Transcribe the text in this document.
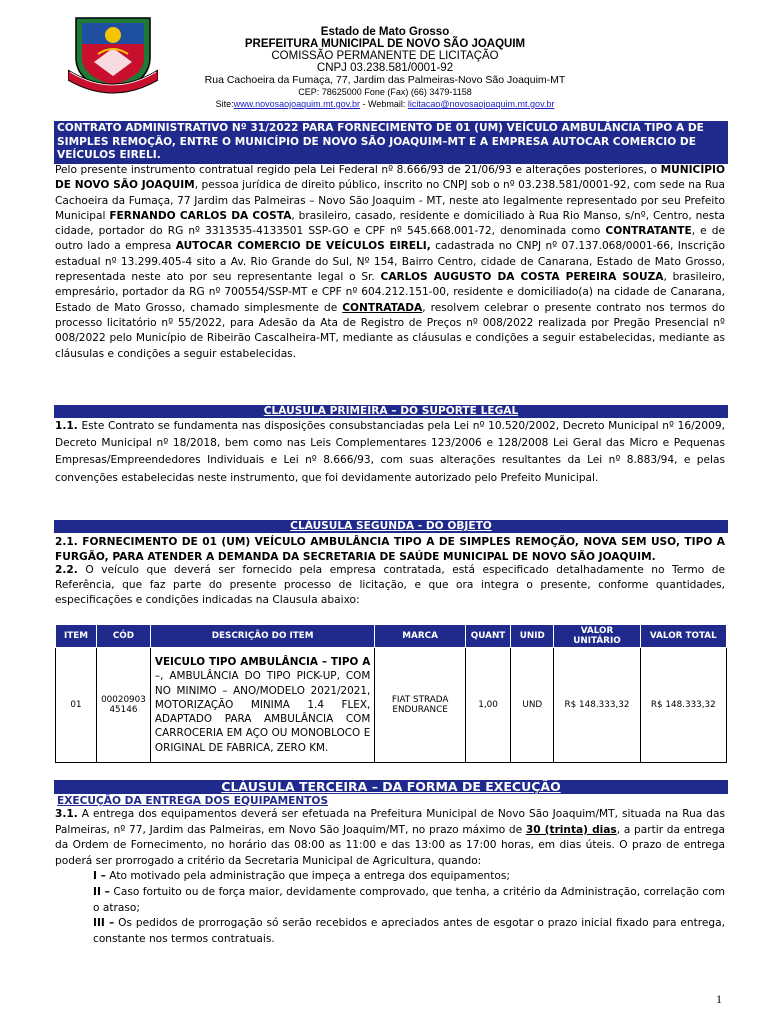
Estado de Mato Grosso
PREFEITURA MUNICIPAL DE NOVO SÃO JOAQUIM
COMISSÃO PERMANENTE DE LICITAÇÃO
CNPJ 03.238.581/0001-92
Rua Cachoeira da Fumaça, 77, Jardim das Palmeiras-Novo São Joaquim-MT
CEP: 78625000 Fone (Fax) (66) 3479-1158
Site:www.novosaojoaquim.mt.gov.br - Webmail: licitacao@novosaojoaquim.mt.gov.br
CONTRATO ADMINISTRATIVO Nº 31/2022 PARA FORNECIMENTO DE 01 (UM) VEÍCULO AMBULÂNCIA TIPO A DE SIMPLES REMOÇÃO, ENTRE O MUNICÍPIO DE NOVO SÃO JOAQUIM–MT E A EMPRESA AUTOCAR COMERCIO DE VEÍCULOS EIRELI.
Pelo presente instrumento contratual regido pela Lei Federal nº 8.666/93 de 21/06/93 e alterações posteriores, o MUNICÍPIO DE NOVO SÃO JOAQUIM, pessoa jurídica de direito público, inscrito no CNPJ sob o nº 03.238.581/0001-92, com sede na Rua Cachoeira da Fumaça, 77 Jardim das Palmeiras – Novo São Joaquim - MT, neste ato legalmente representado por seu Prefeito Municipal FERNANDO CARLOS DA COSTA, brasileiro, casado, residente e domiciliado à Rua Rio Manso, s/nº, Centro, nesta cidade, portador do RG nº 3313535-4133501 SSP-GO e CPF nº 545.668.001-72, denominada como CONTRATANTE, e de outro lado a empresa AUTOCAR COMERCIO DE VEÍCULOS EIRELI, cadastrada no CNPJ nº 07.137.068/0001-66, Inscrição estadual nº 13.299.405-4 sito a Av. Rio Grande do Sul, Nº 154, Bairro Centro, cidade de Canarana, Estado de Mato Grosso, representada neste ato por seu representante legal o Sr. CARLOS AUGUSTO DA COSTA PEREIRA SOUZA, brasileiro, empresário, portador da RG nº 700554/SSP-MT e CPF nº 604.212.151-00, residente e domiciliado(a) na cidade de Canarana, Estado de Mato Grosso, chamado simplesmente de CONTRATADA, resolvem celebrar o presente contrato nos termos do processo licitatório nº 55/2022, para Adesão da Ata de Registro de Preços nº 008/2022 realizada por Pregão Presencial nº 008/2022 pelo Município de Ribeirão Cascalheira-MT, mediante as cláusulas e condições a seguir estabelecidas, mediante as cláusulas e condições a seguir estabelecidas.
CLÁUSULA PRIMEIRA – DO SUPORTE LEGAL
1.1. Este Contrato se fundamenta nas disposições consubstanciadas pela Lei nº 10.520/2002, Decreto Municipal nº 16/2009, Decreto Municipal nº 18/2018, bem como nas Leis Complementares 123/2006 e 128/2008 Lei Geral das Micro e Pequenas Empresas/Empreendedores Individuais e Lei nº 8.666/93, com suas alterações resultantes da Lei nº 8.883/94, e pelas convenções estabelecidas neste instrumento, que foi devidamente autorizado pelo Prefeito Municipal.
CLÁUSULA SEGUNDA - DO OBJETO
2.1. FORNECIMENTO DE 01 (UM) VEÍCULO AMBULÂNCIA TIPO A DE SIMPLES REMOÇÃO, NOVA SEM USO, TIPO A FURGÃO, PARA ATENDER A DEMANDA DA SECRETARIA DE SAÚDE MUNICIPAL DE NOVO SÃO JOAQUIM.
2.2. O veículo que deverá ser fornecido pela empresa contratada, está especificado detalhadamente no Termo de Referência, que faz parte do presente processo de licitação, e que ora integra o presente, conforme quantidades, especificações e condições indicadas na Clausula abaixo:
ITEM	CÓD	DESCRIÇÃO DO ITEM	MARCA	QUANT	UNID	VALOR UNITÁRIO	VALOR TOTAL
01	00020903 45146	VEICULO TIPO AMBULÂNCIA – TIPO A –, AMBULÂNCIA DO TIPO PICK-UP, COM NO MINIMO – ANO/MODELO 2021/2021, MOTORIZAÇÃO MINIMA 1.4 FLEX, ADAPTADO PARA AMBULÂNCIA COM CARROCERIA EM AÇO OU MONOBLOCO E ORIGINAL DE FABRICA, ZERO KM.	FIAT STRADA ENDURANCE	1,00	UND	R$ 148.333,32	R$ 148.333,32
CLÁUSULA TERCEIRA – DA FORMA DE EXECUÇÃO
EXECUÇÃO DA ENTREGA DOS EQUIPAMENTOS
3.1. A entrega dos equipamentos deverá ser efetuada na Prefeitura Municipal de Novo São Joaquim/MT, situada na Rua das Palmeiras, nº 77, Jardim das Palmeiras, em Novo São Joaquim/MT, no prazo máximo de 30 (trinta) dias, a partir da entrega da Ordem de Fornecimento, no horário das 08:00 as 11:00 e das 13:00 as 17:00 horas, em dias úteis. O prazo de entrega poderá ser prorrogado a critério da Secretaria Municipal de Agricultura, quando:
I – Ato motivado pela administração que impeça a entrega dos equipamentos;
II – Caso fortuito ou de força maior, devidamente comprovado, que tenha, a critério da Administração, correlação com o atraso;
III – Os pedidos de prorrogação só serão recebidos e apreciados antes de esgotar o prazo inicial fixado para entrega, constante nos termos contratuais.
1
